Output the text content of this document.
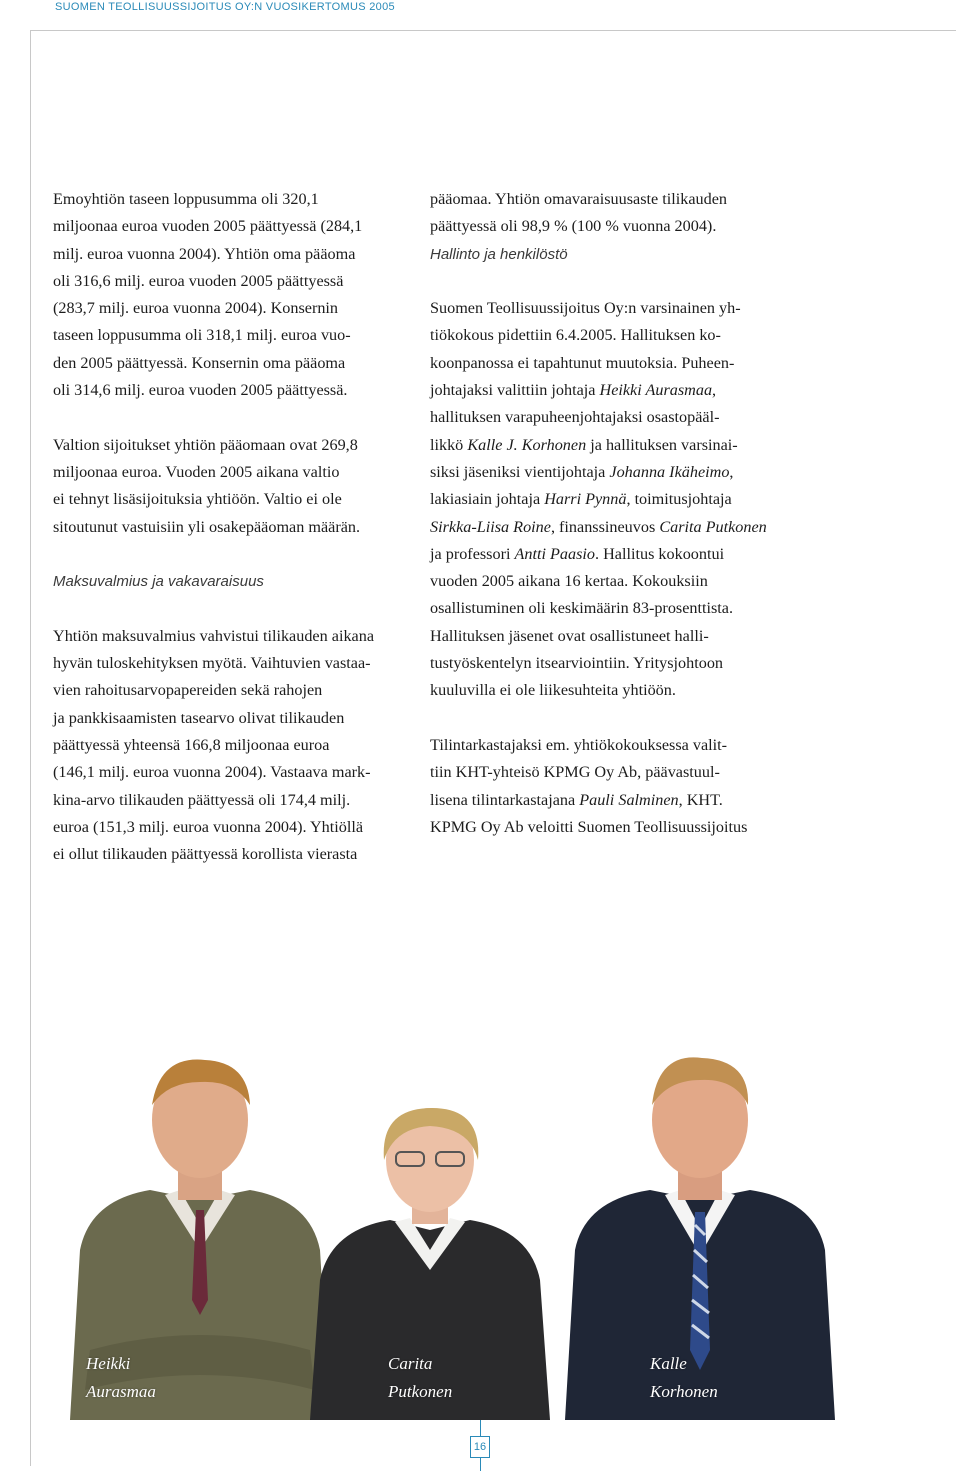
SUOMEN TEOLLISUUSSIJOITUS OY:N VUOSIKERTOMUS 2005
Emoyhtiön taseen loppusumma oli 320,1
miljoonaa euroa vuoden 2005 päättyessä (284,1
milj. euroa vuonna 2004). Yhtiön oma pääoma
oli 316,6 milj. euroa vuoden 2005 päättyessä
(283,7 milj. euroa vuonna 2004). Konsernin
taseen loppusumma oli 318,1 milj. euroa vuo-
den 2005 päättyessä. Konsernin oma pääoma
oli 314,6 milj. euroa vuoden 2005 päättyessä.
Valtion sijoitukset yhtiön pääomaan ovat 269,8
miljoonaa euroa. Vuoden 2005 aikana valtio
ei tehnyt lisäsijoituksia yhtiöön. Valtio ei ole
sitoutunut vastuisiin yli osakepääoman määrän.
Maksuvalmius ja vakavaraisuus
Yhtiön maksuvalmius vahvistui tilikauden aikana
hyvän tuloskehityksen myötä. Vaihtuvien vastaa-
vien rahoitusarvopapereiden sekä rahojen
ja pankkisaamisten tasearvo olivat tilikauden
päättyessä yhteensä 166,8 miljoonaa euroa
(146,1 milj. euroa vuonna 2004). Vastaava mark-
kina-arvo tilikauden päättyessä oli 174,4 milj.
euroa (151,3 milj. euroa vuonna 2004). Yhtiöllä
ei ollut tilikauden päättyessä korollista vierasta
pääomaa. Yhtiön omavaraisuusaste tilikauden
päättyessä oli 98,9 % (100 % vuonna 2004).
Hallinto ja henkilöstö
Suomen Teollisuussijoitus Oy:n varsinainen yh-
tiökokous pidettiin 6.4.2005. Hallituksen ko-
koonpanossa ei tapahtunut muutoksia. Puheen-
johtajaksi valittiin johtaja Heikki Aurasmaa,
hallituksen varapuheenjohtajaksi osastopääl-
likkö Kalle J. Korhonen ja hallituksen varsinai-
siksi jäseniksi vientijohtaja Johanna Ikäheimo,
lakiasiain johtaja Harri Pynnä, toimitusjohtaja
Sirkka-Liisa Roine, finanssineuvos Carita Putkonen
ja professori Antti Paasio. Hallitus kokoontui
vuoden 2005 aikana 16 kertaa. Kokouksiin
osallistuminen oli keskimäärin 83-prosenttista.
Hallituksen jäsenet ovat osallistuneet halli-
tustyöskentelyn itsearviointiin. Yritysjohtoon
kuuluvilla ei ole liikesuhteita yhtiöön.
Tilintarkastajaksi em. yhtiökokouksessa valit-
tiin KHT-yhteisö KPMG Oy Ab, päävastuul-
lisena tilintarkastajana Pauli Salminen, KHT.
KPMG Oy Ab veloitti Suomen Teollisuussijoitus
Heikki
Aurasmaa
Carita
Putkonen
Kalle
Korhonen
16
